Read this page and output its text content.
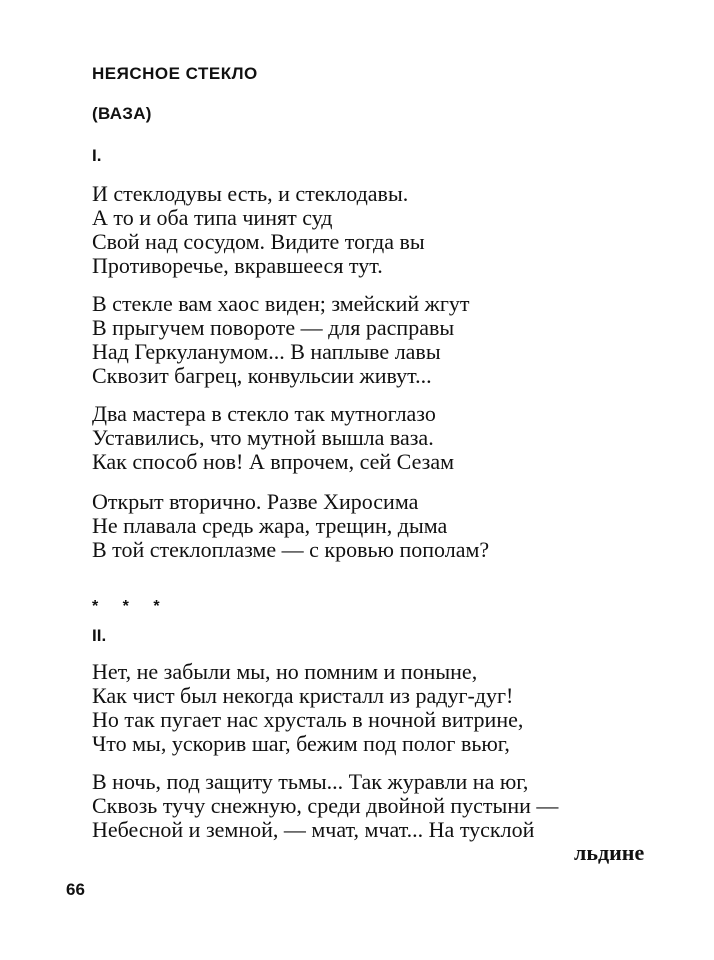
НЕЯСНОЕ СТЕКЛО
(ВАЗА)
I.
И стеклодувы есть, и стеклодавы.
А то и оба типа чинят суд
Свой над сосудом. Видите тогда вы
Противоречье, вкравшееся тут.
В стекле вам хаос виден; змейский жгут
В прыгучем повороте — для расправы
Над Геркуланумом... В наплыве лавы
Сквозит багрец, конвульсии живут...
Два мастера в стекло так мутноглазо
Уставились, что мутной вышла ваза.
Как способ нов! А впрочем, сей Сезам
Открыт вторично. Разве Хиросима
Не плавала средь жара, трещин, дыма
В той стеклоплазме — с кровью пополам?
* * *
II.
Нет, не забыли мы, но помним и поныне,
Как чист был некогда кристалл из радуг-дуг!
Но так пугает нас хрусталь в ночной витрине,
Что мы, ускорив шаг, бежим под полог вьюг,
В ночь, под защиту тьмы... Так журавли на юг,
Сквозь тучу снежную, среди двойной пустыни —
Небесной и земной, — мчат, мчат... На тусклой
льдине
66
